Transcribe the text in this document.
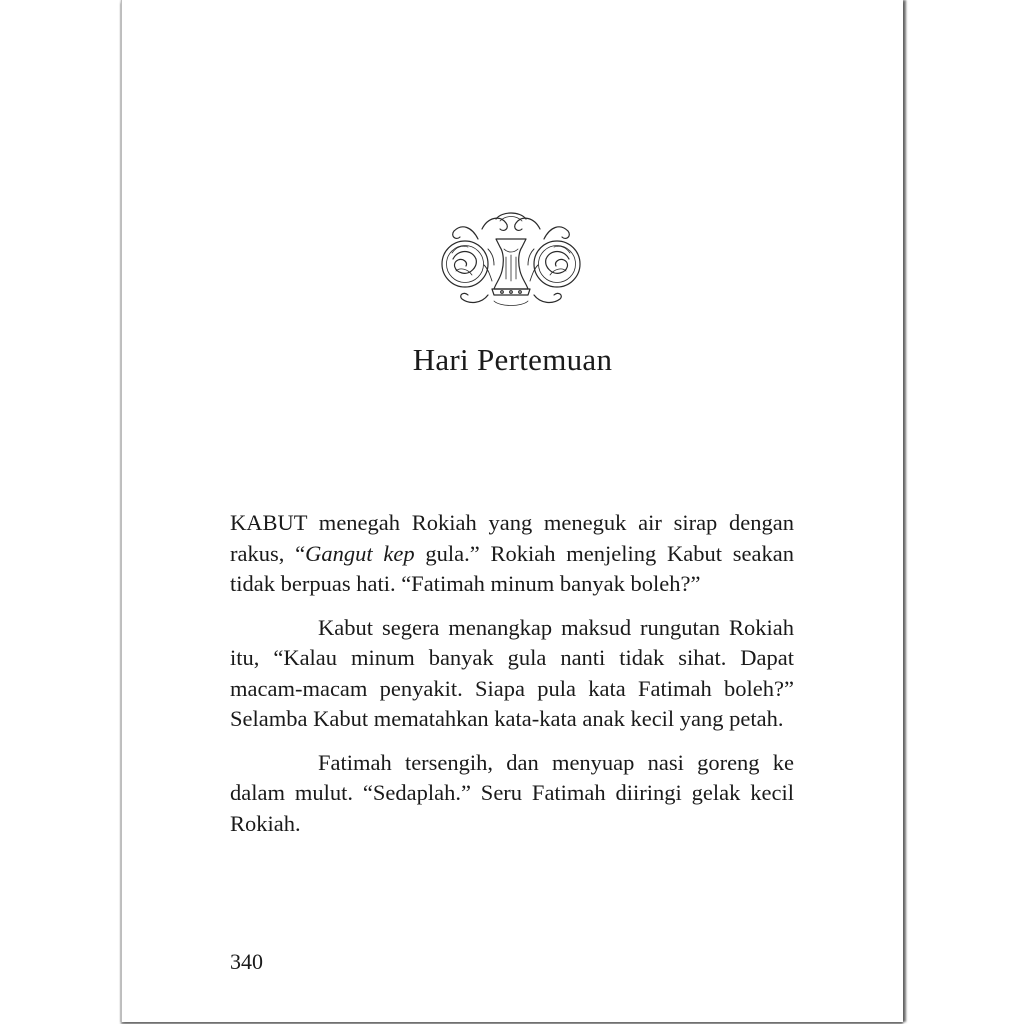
Hari Pertemuan

KABUT menegah Rokiah yang meneguk air sirap dengan rakus, “Gangut kep gula.” Rokiah menjeling Kabut seakan tidak berpuas hati. “Fatimah minum banyak boleh?”

Kabut segera menangkap maksud rungutan Rokiah itu, “Kalau minum banyak gula nanti tidak sihat. Dapat macam-macam penyakit. Siapa pula kata Fatimah boleh?” Selamba Kabut mematahkan kata-kata anak kecil yang petah.

Fatimah tersengih, dan menyuap nasi goreng ke dalam mulut. “Sedaplah.” Seru Fatimah diiringi gelak kecil Rokiah.

340
